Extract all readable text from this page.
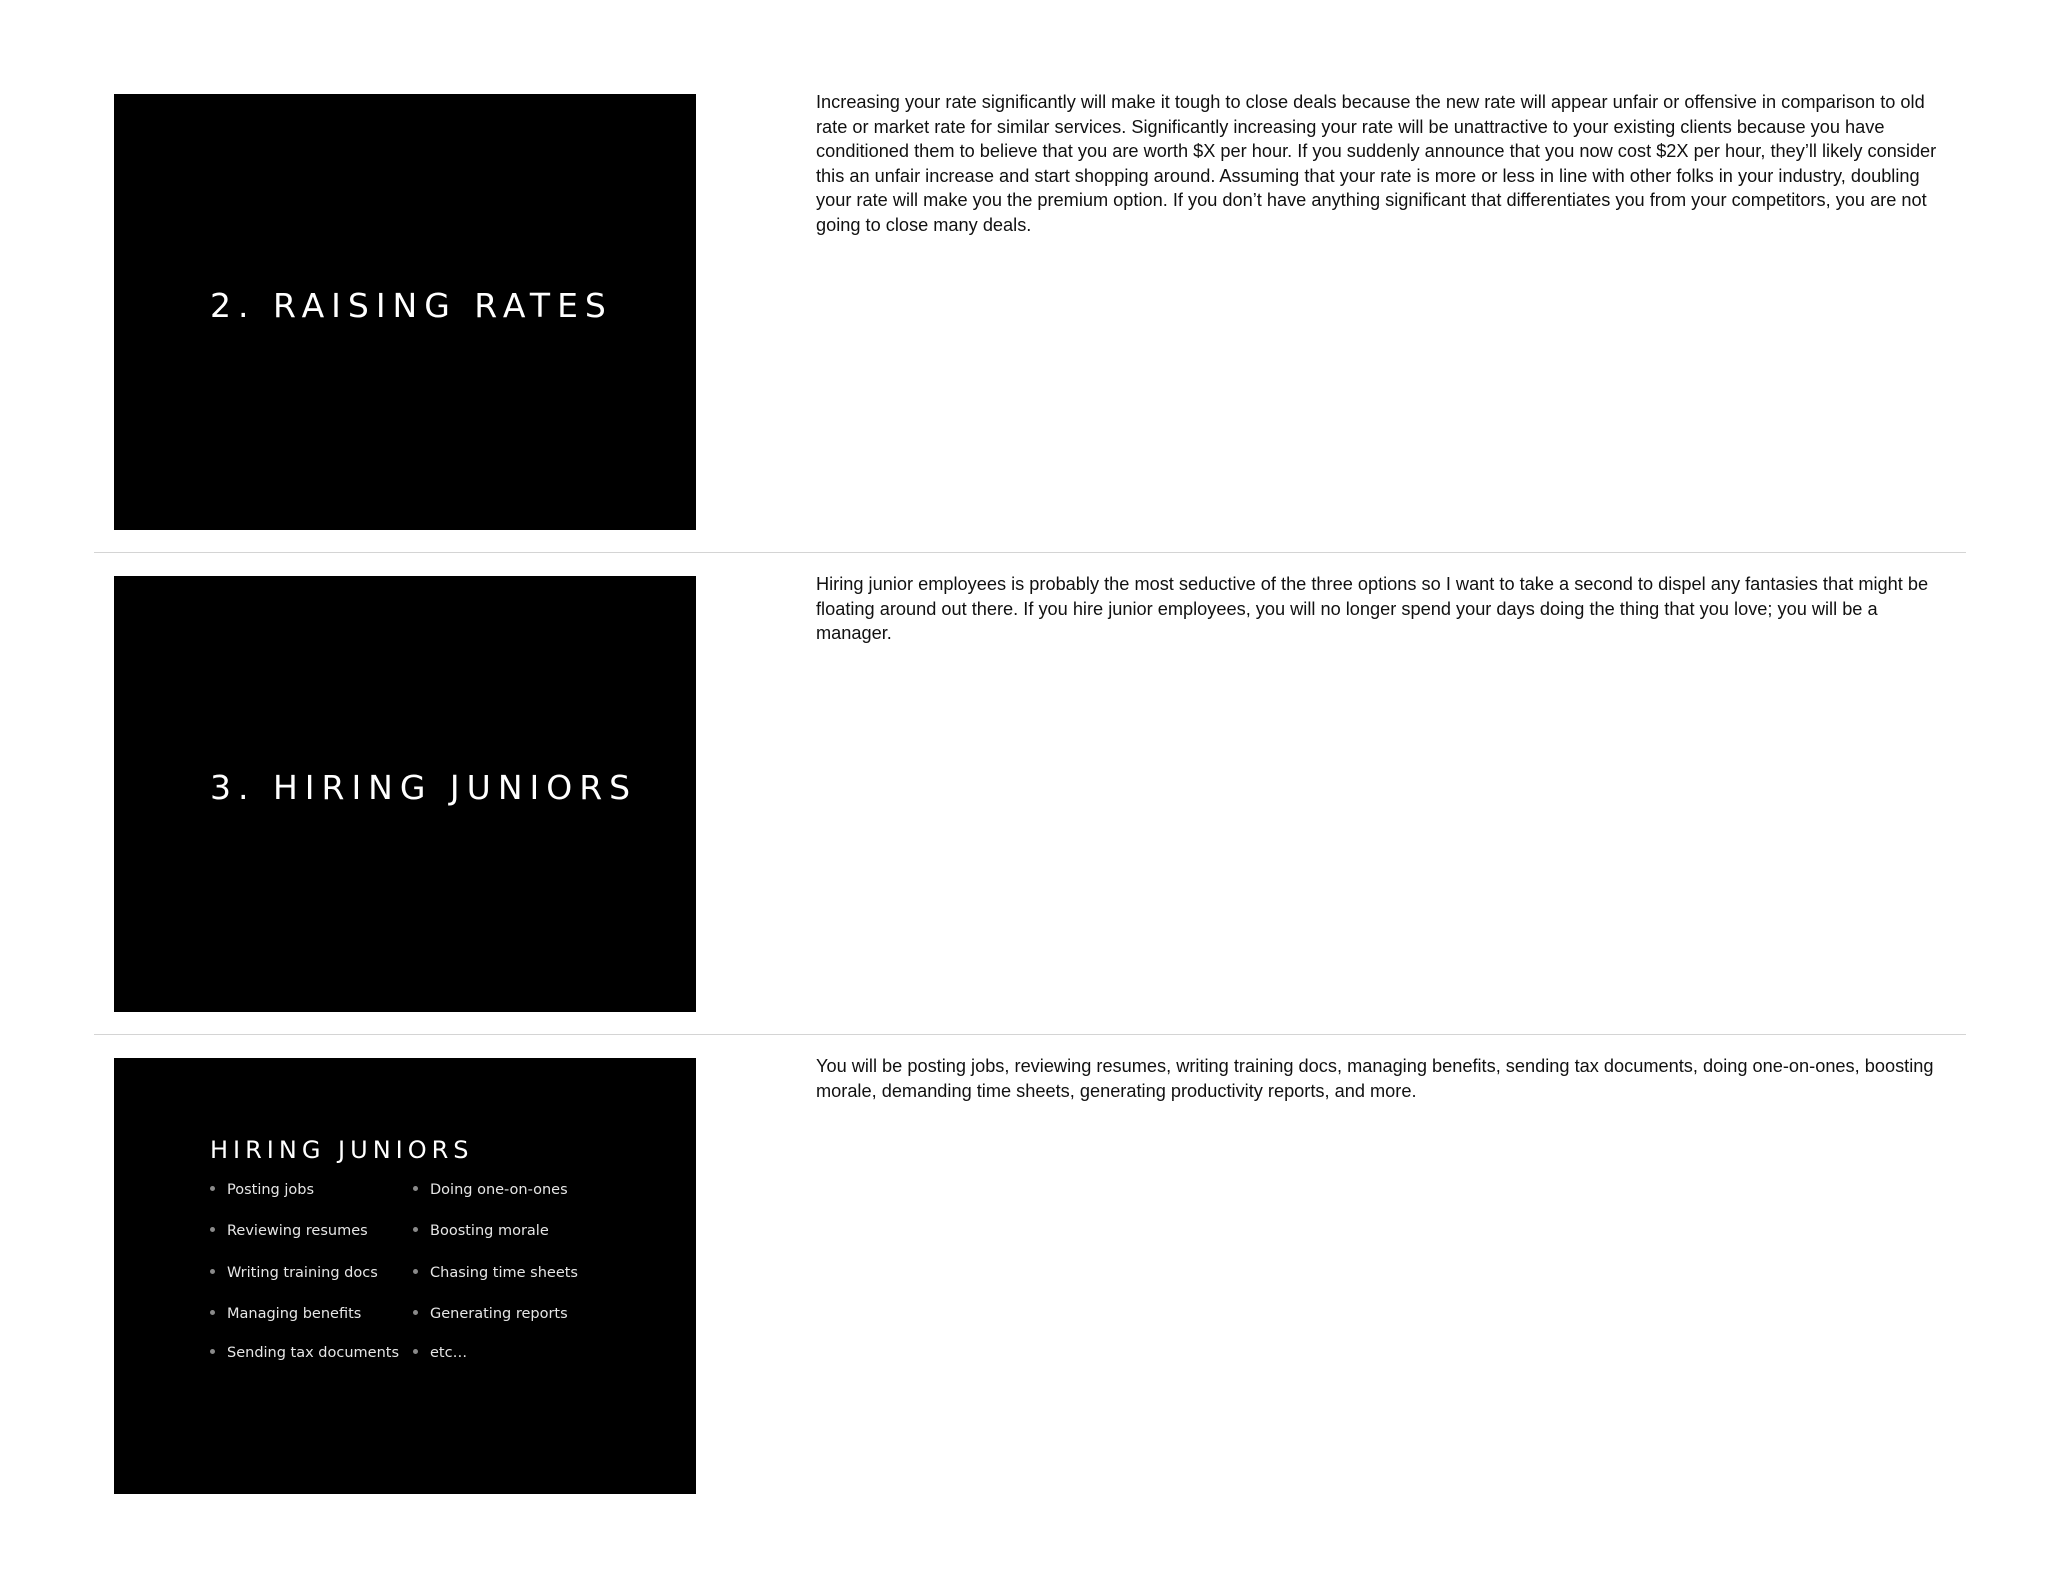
2. RAISING RATES
Increasing your rate significantly will make it tough to close deals because the new rate will appear unfair or offensive in comparison to old rate or market rate for similar services. Significantly increasing your rate will be unattractive to your existing clients because you have conditioned them to believe that you are worth $X per hour. If you suddenly announce that you now cost $2X per hour, they’ll likely consider this an unfair increase and start shopping around. Assuming that your rate is more or less in line with other folks in your industry, doubling your rate will make you the premium option. If you don’t have anything significant that differentiates you from your competitors, you are not going to close many deals.
3. HIRING JUNIORS
Hiring junior employees is probably the most seductive of the three options so I want to take a second to dispel any fantasies that might be floating around out there. If you hire junior employees, you will no longer spend your days doing the thing that you love; you will be a manager.
HIRING JUNIORS
Posting jobs
Reviewing resumes
Writing training docs
Managing benefits
Sending tax documents
Doing one-on-ones
Boosting morale
Chasing time sheets
Generating reports
etc…
You will be posting jobs, reviewing resumes, writing training docs, managing benefits, sending tax documents, doing one-on-ones, boosting morale, demanding time sheets, generating productivity reports, and more.
